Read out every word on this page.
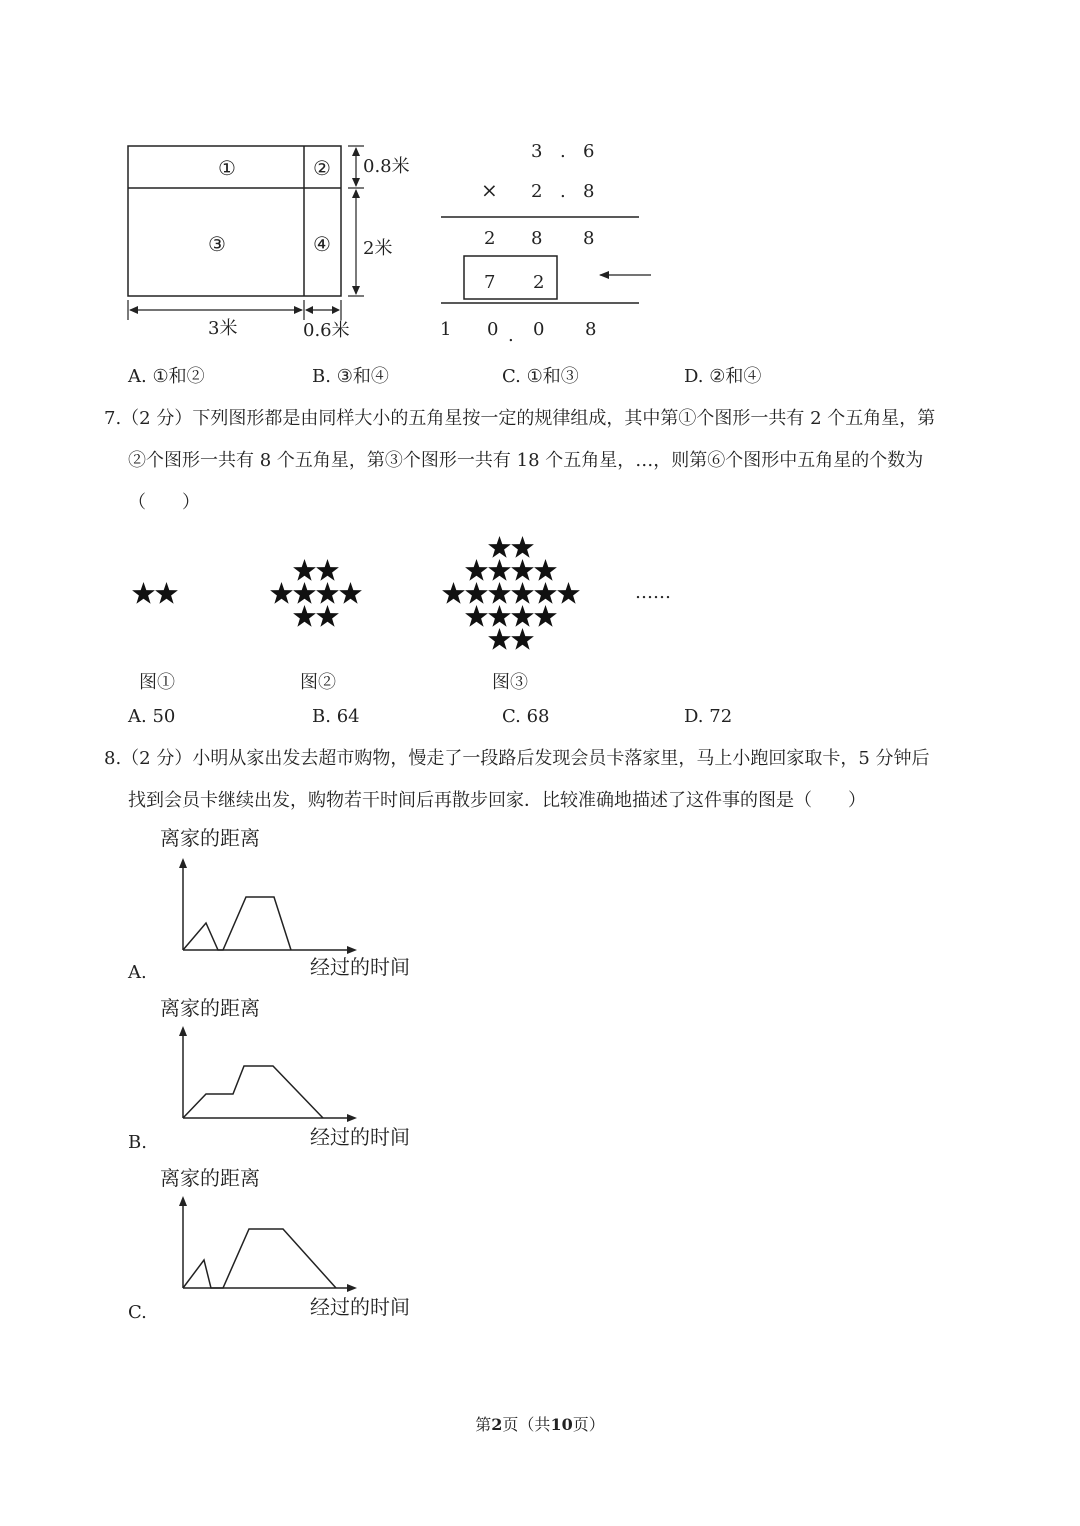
①	②
③	④
0.8米
2米
3米	0.6米
3 . 6
× 2 . 8
2 8 8
7 2
1 0 . 0 8
A. ①和②	B. ③和④	C. ①和③	D. ②和④
7.（2 分）下列图形都是由同样大小的五角星按一定的规律组成，其中第①个图形一共有 2 个五角星，第
②个图形一共有 8 个五角星，第③个图形一共有 18 个五角星，…，则第⑥个图形中五角星的个数为
（　　）
……
图①	图②	图③
A. 50	B. 64	C. 68	D. 72
8.（2 分）小明从家出发去超市购物，慢走了一段路后发现会员卡落家里，马上小跑回家取卡，5 分钟后
找到会员卡继续出发，购物若干时间后再散步回家．比较准确地描述了这件事的图是（　　）
离家的距离
A.	经过的时间
离家的距离
B.	经过的时间
离家的距离
C.	经过的时间
第2页（共10页）
